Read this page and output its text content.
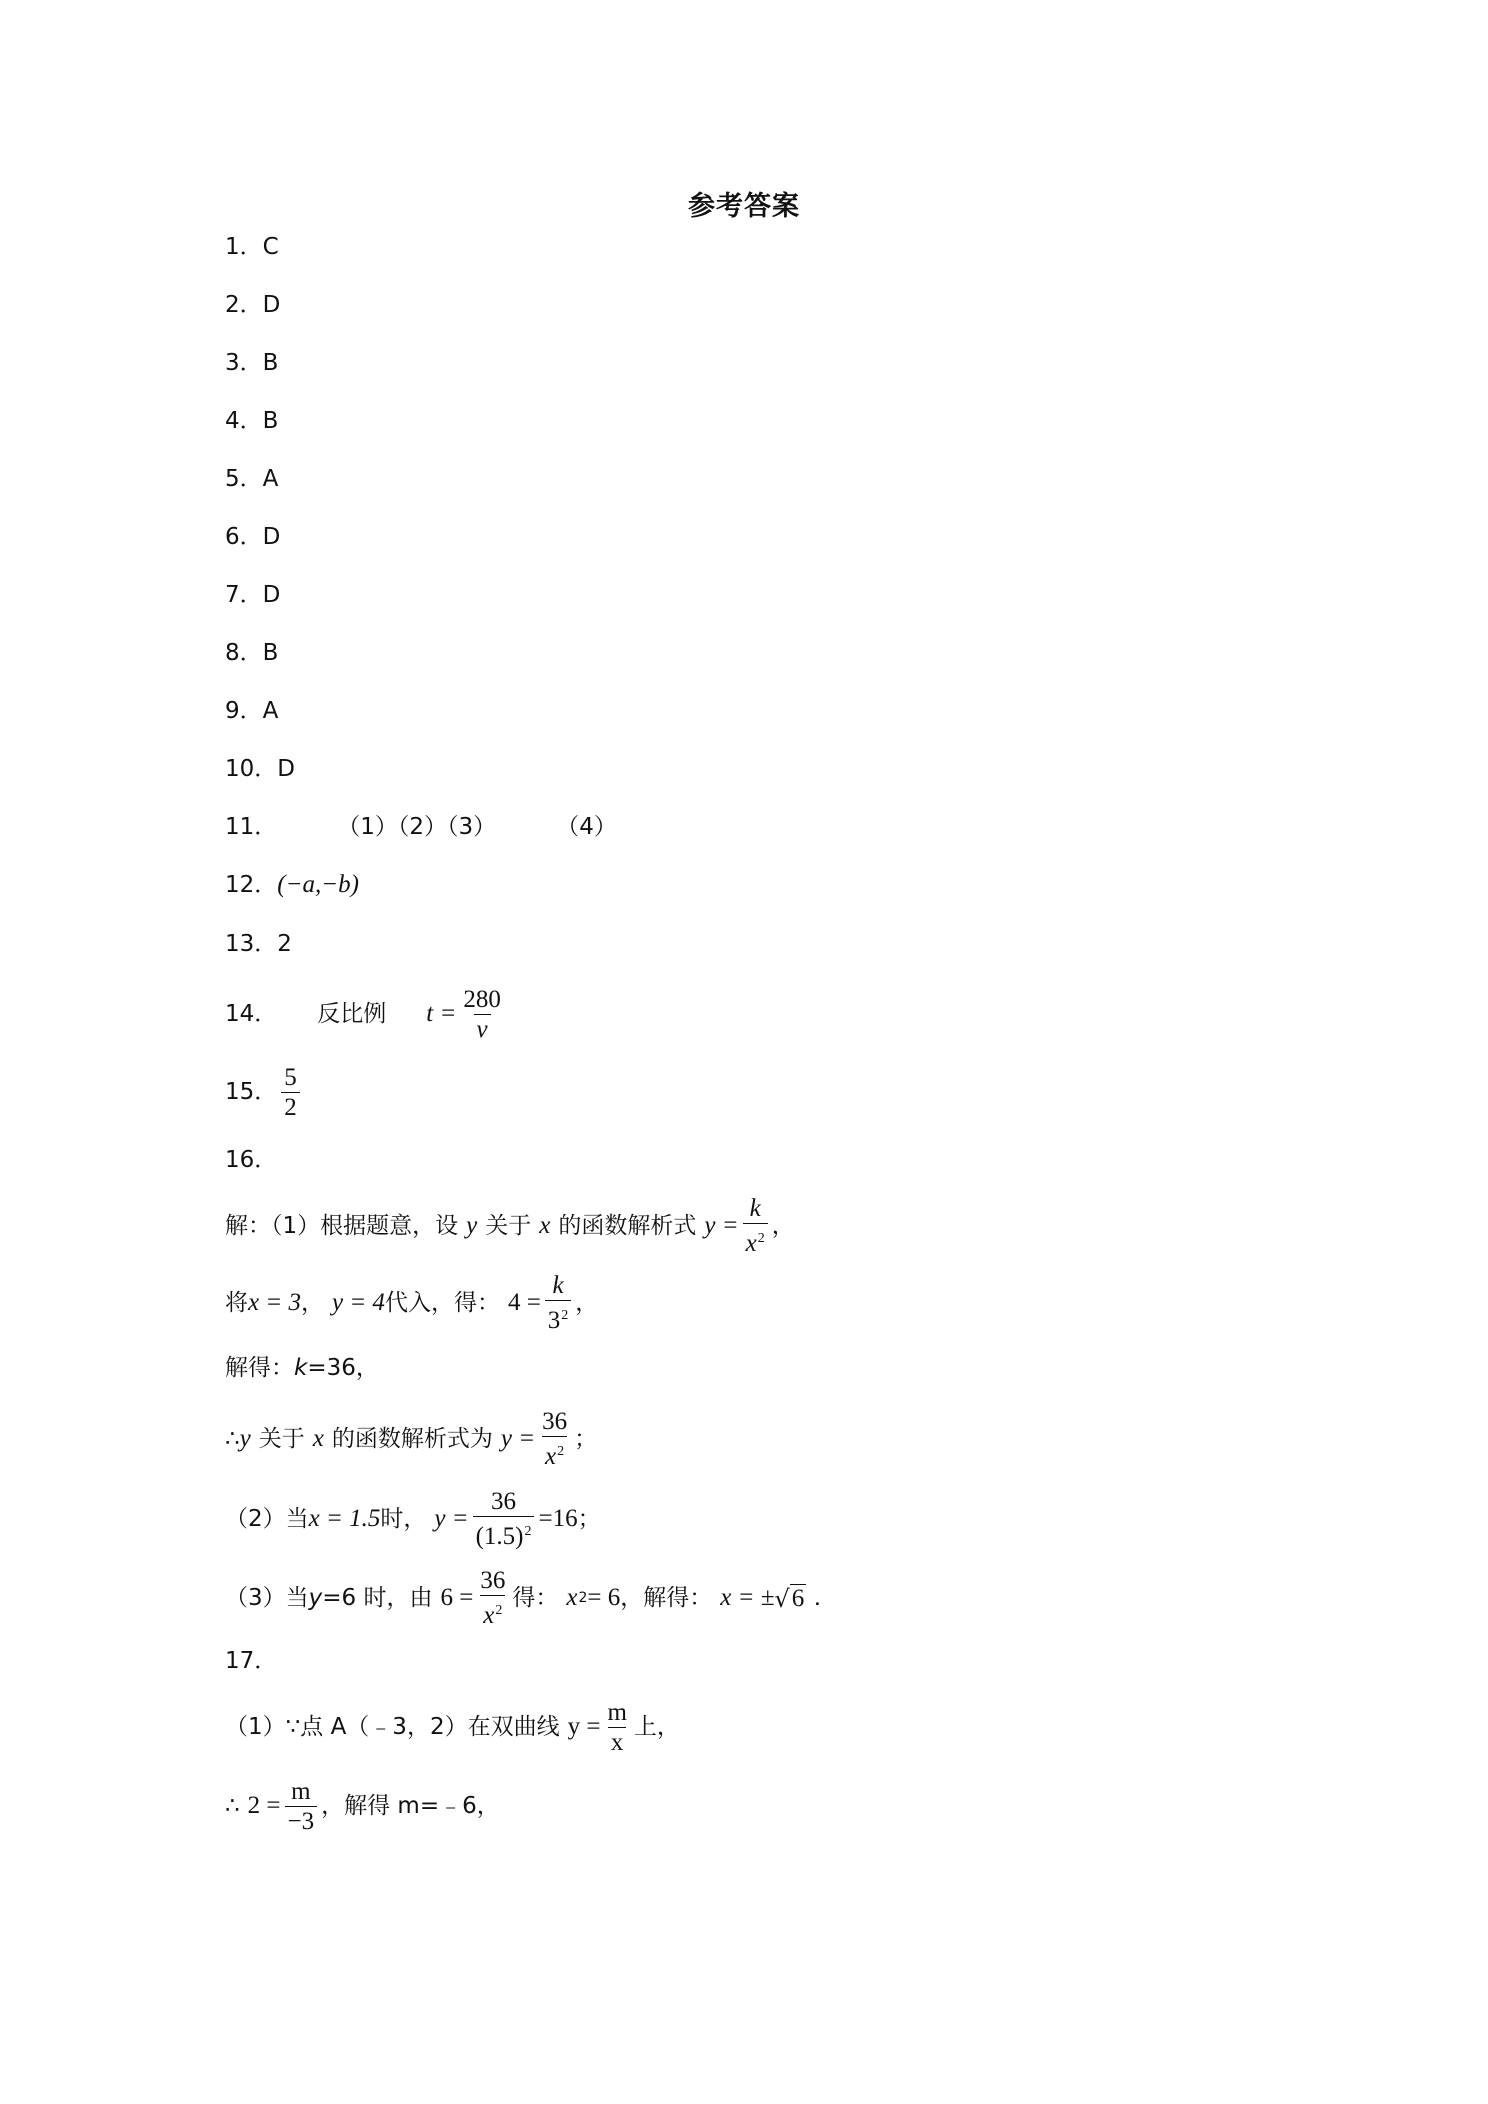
参考答案
1． C
2． D
3． B
4． B
5． A
6． D
7． D
8． B
9． A
10． D
11．	（1）（2）（3）	（4）
12． (−a,−b)
13． 2
14． 反比例 $t = \frac{280}{v}$
15． $\frac{5}{2}$
16．
解：（1）根据题意，设 y 关于 x 的函数解析式 $y = \frac{k}{x^2}$ ，
将 x = 3 ， y = 4 代入，得： $4 = \frac{k}{3^2}$ ，
解得： k =36，
∴ y 关于 x 的函数解析式为 $y = \frac{36}{x^2}$ ；
（2）当 x = 1.5 时， $y = \frac{36}{(1.5)^2} =16$ ；
（3）当 y =6 时，由 $6 = \frac{36}{x^2}$ 得： x 2 = 6 ，解得： x = ± √ 6 .
17．
（1）∵点 A（﹣3，2）在双曲线 $y = \frac{m}{x}$ 上，
∴ $2 = \frac{m}{-3}$ ，解得 m=﹣6，
